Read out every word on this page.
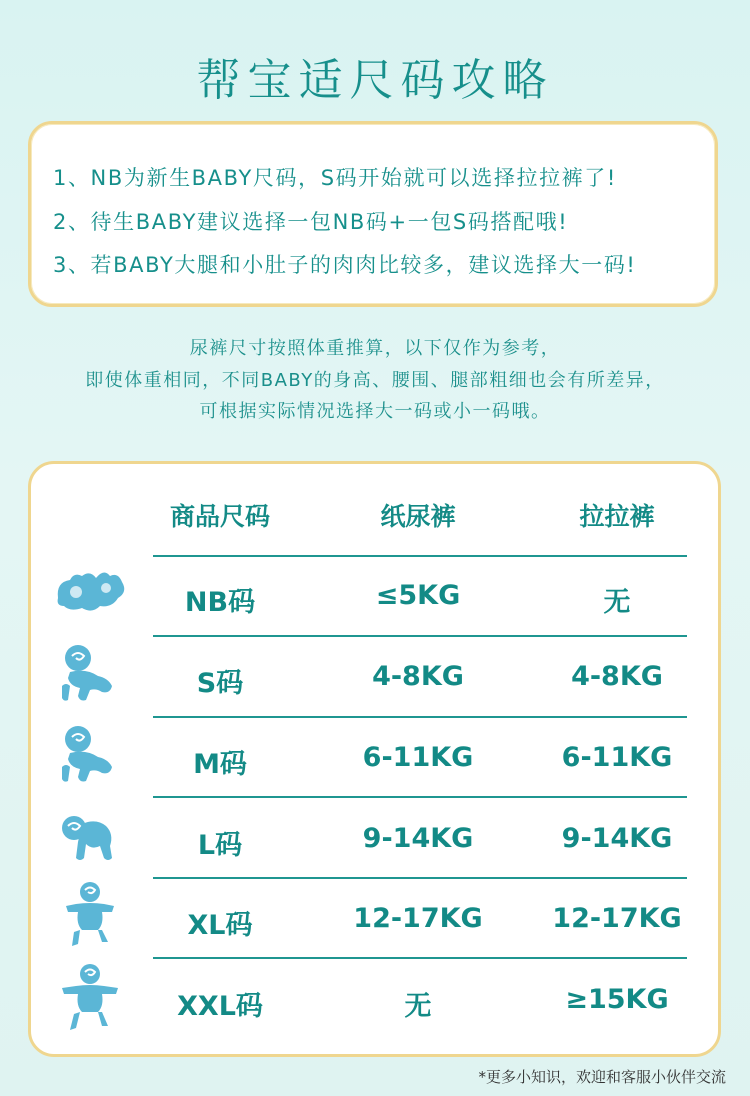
帮宝适尺码攻略
1、NB为新生BABY尺码，S码开始就可以选择拉拉裤了!
2、待生BABY建议选择一包NB码+一包S码搭配哦!
3、若BABY大腿和小肚子的肉肉比较多，建议选择大一码!
尿裤尺寸按照体重推算，以下仅作为参考，
即使体重相同，不同BABY的身高、腰围、腿部粗细也会有所差异，
可根据实际情况选择大一码或小一码哦。
商品尺码	纸尿裤	拉拉裤
NB码	≤5KG	无
S码	4-8KG	4-8KG
M码	6-11KG	6-11KG
L码	9-14KG	9-14KG
XL码	12-17KG	12-17KG
XXL码	无	≥15KG
*更多小知识，欢迎和客服小伙伴交流
